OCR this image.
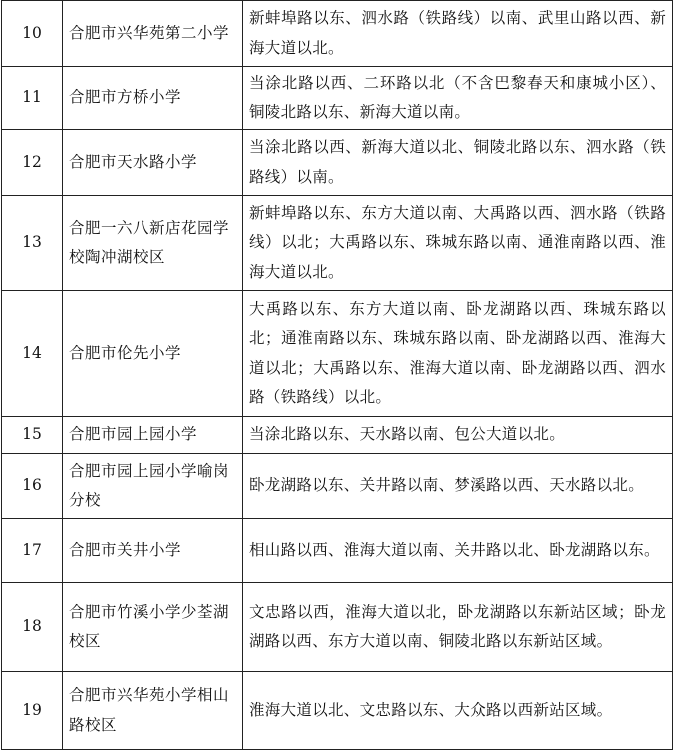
10	合肥市兴华苑第二小学	新蚌埠路以东、泗水路（铁路线）以南、武里山路以西、新海大道以北。
11	合肥市方桥小学	当涂北路以西、二环路以北（不含巴黎春天和康城小区）、铜陵北路以东、新海大道以南。
12	合肥市天水路小学	当涂北路以西、新海大道以北、铜陵北路以东、泗水路（铁路线）以南。
13	合肥一六八新店花园学校陶冲湖校区	新蚌埠路以东、东方大道以南、大禹路以西、泗水路（铁路线）以北；大禹路以东、珠城东路以南、通淮南路以西、淮海大道以北。
14	合肥市伦先小学	大禹路以东、东方大道以南、卧龙湖路以西、珠城东路以北；通淮南路以东、珠城东路以南、卧龙湖路以西、淮海大道以北；大禹路以东、淮海大道以南、卧龙湖路以西、泗水路（铁路线）以北。
15	合肥市园上园小学	当涂北路以东、天水路以南、包公大道以北。
16	合肥市园上园小学喻岗分校	卧龙湖路以东、关井路以南、梦溪路以西、天水路以北。
17	合肥市关井小学	相山路以西、淮海大道以南、关井路以北、卧龙湖路以东。
18	合肥市竹溪小学少荃湖校区	文忠路以西，淮海大道以北，卧龙湖路以东新站区域；卧龙湖路以西、东方大道以南、铜陵北路以东新站区域。
19	合肥市兴华苑小学相山路校区	淮海大道以北、文忠路以东、大众路以西新站区域。
